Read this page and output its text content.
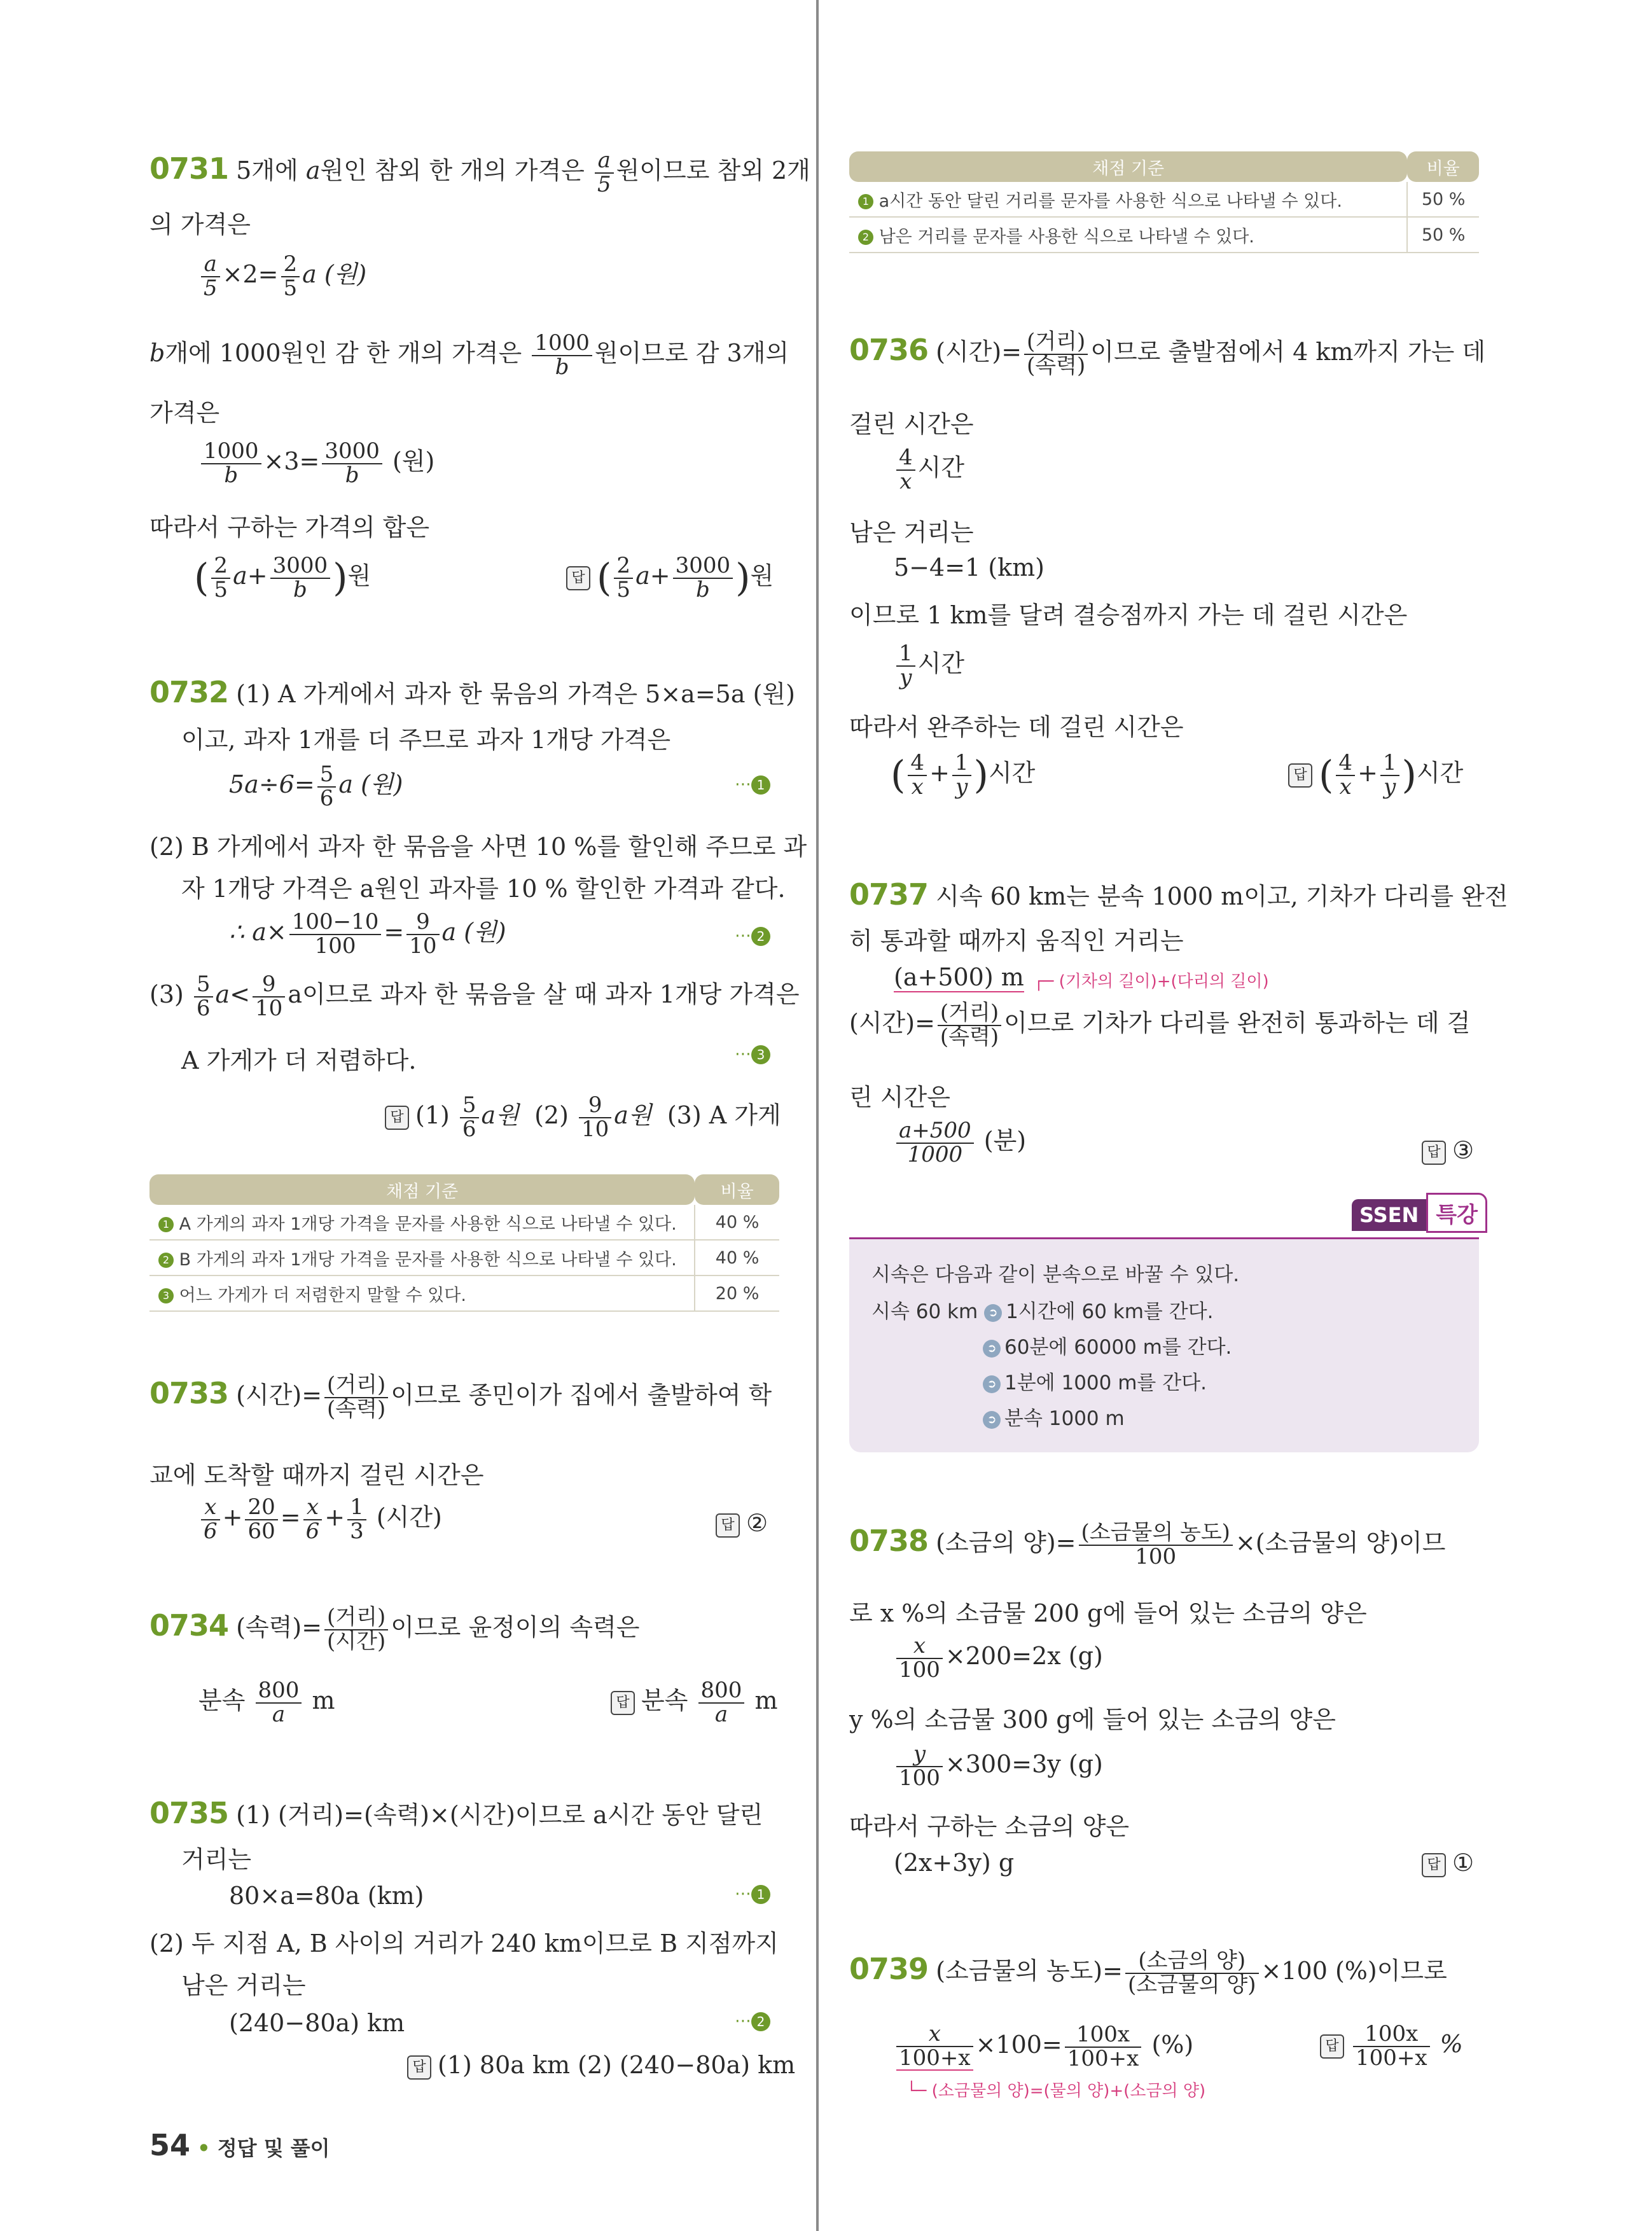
0731 5개에 a원인 참외 한 개의 가격은 $\frac{a}{5}$ 원이므로 참외 2개
의 가격은
$\frac{a}{5} \times 2= \frac{2}{5}$ a (원)
b개에 1000원인 감 한 개의 가격은 $\frac{1000}{b}$ 원이므로 감 3개의
가격은
$\frac{1000}{b} \times 3= \frac{3000}{b}$ (원)
따라서 구하는 가격의 합은
( $\frac{2}{5} a+ \frac{3000}{b}$ )원	답 ( $\frac{2}{5} a+ \frac{3000}{b}$ )원
0732 (1) A 가게에서 과자 한 묶음의 가격은 5×a=5a (원)
이고, 과자 1개를 더 주므로 과자 1개당 가격은
$5a\div 6= \frac{5}{6}$ a (원)	⋯ 1
(2) B 가게에서 과자 한 묶음을 사면 10 %를 할인해 주므로 과
자 1개당 가격은 a원인 과자를 10 % 할인한 가격과 같다.
∴ $a\times \frac{100-10}{100} = \frac{9}{10}$ a (원)	⋯ 2
$(3) \frac{5}{6} a< \frac{9}{10}$ a이므로 과자 한 묶음을 살 때 과자 1개당 가격은
A 가게가 더 저렴하다.	⋯ 3
답 $(1) \frac{5}{6}$ a원 $(2) \frac{9}{10}$ a원 (3) A 가게
채점 기준	비율
1 A 가게의 과자 1개당 가격을 문자를 사용한 식으로 나타낼 수 있다.	40 %
2 B 가게의 과자 1개당 가격을 문자를 사용한 식으로 나타낼 수 있다.	40 %
3 어느 가게가 더 저렴한지 말할 수 있다.	20 %
0733 (시간)= $\frac{\text{(거리)}}{\text{(속력)}}$ 이므로 종민이가 집에서 출발하여 학
교에 도착할 때까지 걸린 시간은
$\frac{x}{6} + \frac{20}{60} = \frac{x}{6} + \frac{1}{3}$ (시간)	답 ②
0734 (속력)= $\frac{\text{(거리)}}{\text{(시간)}}$ 이므로 윤정이의 속력은
분속 $\frac{800}{a}$ m	답 분속 $\frac{800}{a}$ m
0735 (1) (거리)=(속력)×(시간)이므로 a시간 동안 달린
거리는
80×a=80a (km)	⋯ 1
(2) 두 지점 A, B 사이의 거리가 240 km이므로 B 지점까지
남은 거리는
(240−80a) km	⋯ 2
답 (1) 80a km (2) (240−80a) km
54 • 정답 및 풀이
채점 기준	비율
1 a시간 동안 달린 거리를 문자를 사용한 식으로 나타낼 수 있다.	50 %
2 남은 거리를 문자를 사용한 식으로 나타낼 수 있다.	50 %
0736 (시간)= $\frac{\text{(거리)}}{\text{(속력)}}$ 이므로 출발점에서 4 km까지 가는 데
걸린 시간은
$\frac{4}{x}$ 시간
남은 거리는
5−4=1 (km)
이므로 1 km를 달려 결승점까지 가는 데 걸린 시간은
$\frac{1}{y}$ 시간
따라서 완주하는 데 걸린 시간은
( $\frac{4}{x} + \frac{1}{y}$ )시간	답 ( $\frac{4}{x} + \frac{1}{y}$ )시간
0737 시속 60 km는 분속 1000 m이고, 기차가 다리를 완전
히 통과할 때까지 움직인 거리는
(a+500) m ┌─ (기차의 길이)+(다리의 길이)
(시간)= $\frac{\text{(거리)}}{\text{(속력)}}$ 이므로 기차가 다리를 완전히 통과하는 데 걸
린 시간은
$\frac{a+500}{1000}$ (분)	답 ③
SSEN 특강
시속은 다음과 같이 분속으로 바꿀 수 있다.
시속 60 km ➲ 1시간에 60 km를 간다.
➲ 60분에 60000 m를 간다.
➲ 1분에 1000 m를 간다.
➲ 분속 1000 m
0738 (소금의 양)= $\frac{\text{(소금물의 농도)}}{100}$ ×(소금물의 양)이므
로 x %의 소금물 200 g에 들어 있는 소금의 양은
$\frac{x}{100} \times 200=2x$ (g)
y %의 소금물 300 g에 들어 있는 소금의 양은
$\frac{y}{100} \times 300=3y$ (g)
따라서 구하는 소금의 양은
(2x+3y) g	답 ①
0739 (소금물의 농도)= $\frac{\text{(소금의 양)}}{\text{(소금물의 양)}} \times 100$ (%)이므로
$\frac{x}{100+x} \times 100= \frac{100x}{100+x}$ (%)	답 $\frac{100x}{100+x}$ %
└─ (소금물의 양)=(물의 양)+(소금의 양)
